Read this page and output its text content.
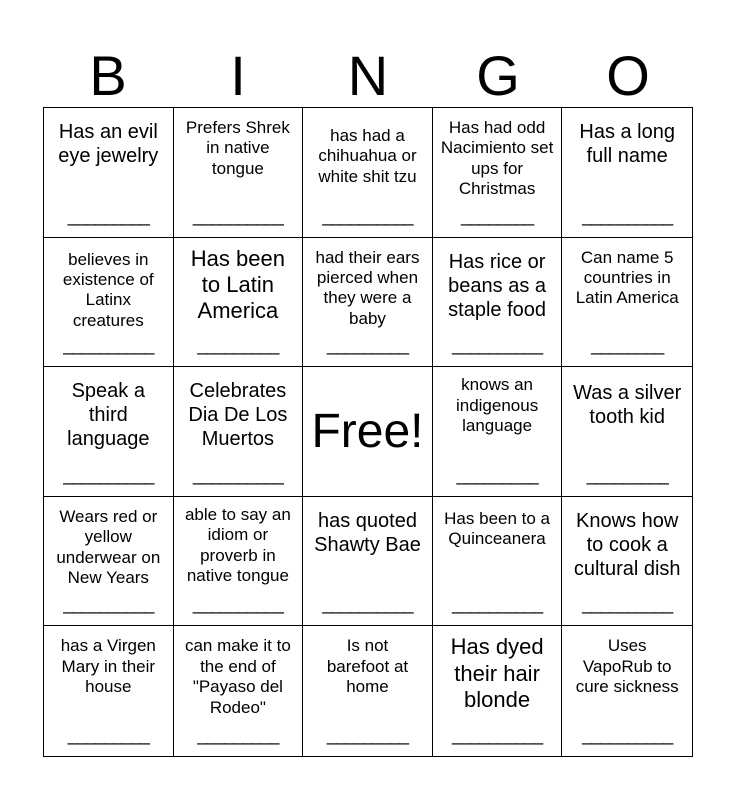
B	I	N	G	O
Has an evil eye jewelry
_________
Prefers Shrek in native tongue
__________
has had a chihuahua or white shit tzu
__________
Has had odd Nacimiento set ups for Christmas
________
Has a long full name
__________
believes in existence of Latinx creatures
__________
Has been to Latin America
_________
had their ears pierced when they were a baby
_________
Has rice or beans as a staple food
__________
Can name 5 countries in Latin America
________
Speak a third language
__________
Celebrates Dia De Los Muertos
__________
Free!
knows an indigenous language
_________
Was a silver tooth kid
_________
Wears red or yellow underwear on New Years
__________
able to say an idiom or proverb in native tongue
__________
has quoted Shawty Bae
__________
Has been to a Quinceanera
__________
Knows how to cook a cultural dish
__________
has a Virgen Mary in their house
_________
can make it to the end of "Payaso del Rodeo"
_________
Is not barefoot at home
_________
Has dyed their hair blonde
__________
Uses VapoRub to cure sickness
__________
